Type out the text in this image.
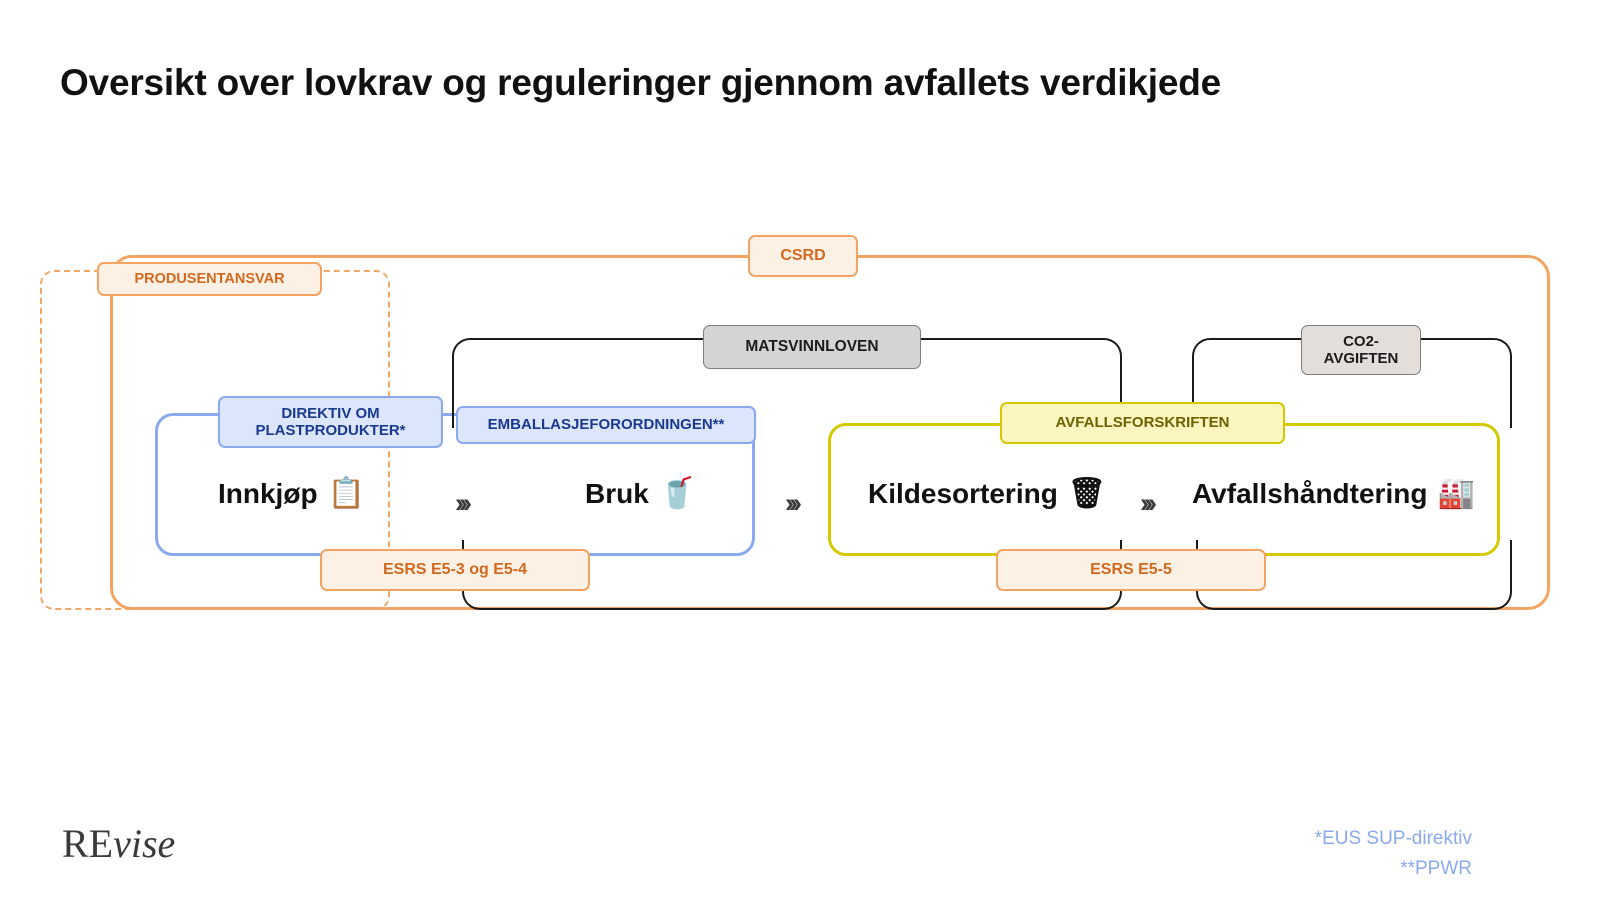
Oversikt over lovkrav og reguleringer gjennom avfallets verdikjede
CSRD
PRODUSENTANSVAR
MATSVINNLOVEN	CO2-
AVGIFTEN
DIREKTIV OM
PLASTPRODUKTER*	EMBALLASJEFORORDNINGEN**	AVFALLSFORSKRIFTEN
ESRS E5-3 og E5-4	ESRS E5-5
Innkjøp 📋	›››	Bruk 🥤	›››	Kildesortering 🗑 ››› Avfallshåndtering 🏭
REvise	*EUS SUP-direktiv
**PPWR
